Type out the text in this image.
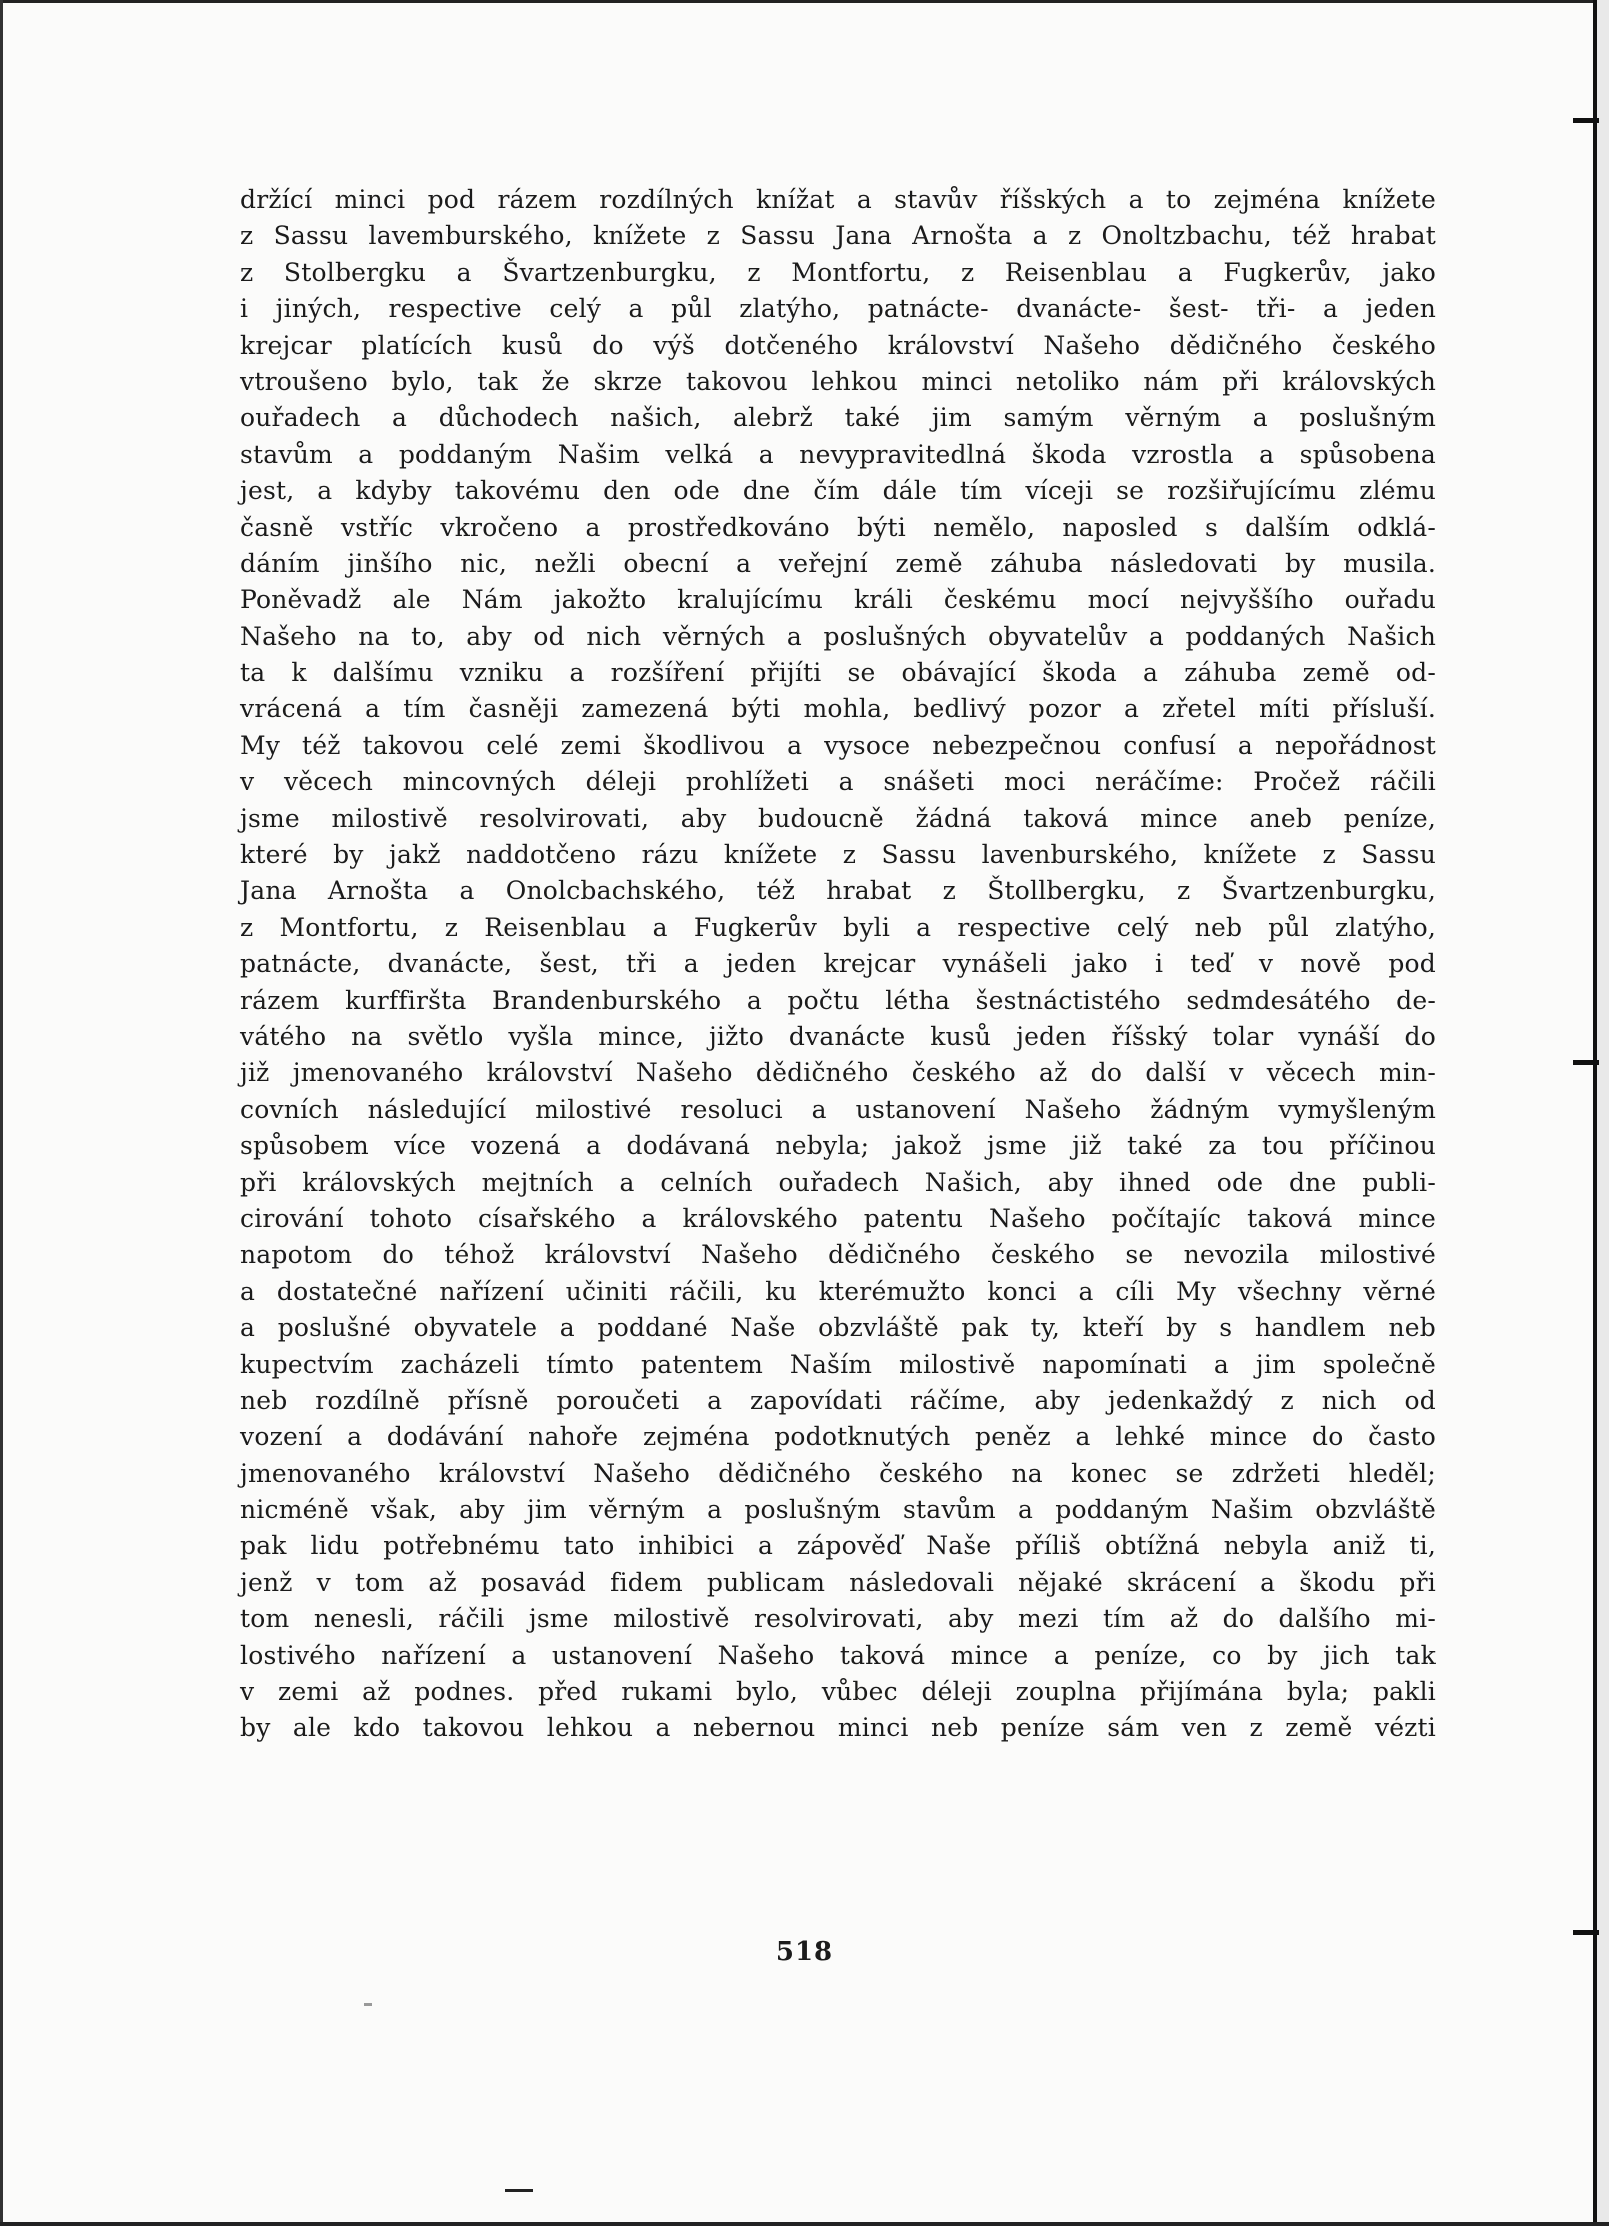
držící minci pod rázem rozdílných knížat a stavův říšských a to zejména knížete
z Sassu lavemburského, knížete z Sassu Jana Arnošta a z Onoltzbachu, též hrabat
z Stolbergku a Švartzenburgku, z Montfortu, z Reisenblau a Fugkerův, jako
i jiných, respective celý a půl zlatýho, patnácte- dvanácte- šest- tři- a jeden
krejcar platících kusů do výš dotčeného království Našeho dědičného českého
vtroušeno bylo, tak že skrze takovou lehkou minci netoliko nám při královských
ouřadech a důchodech našich, alebrž také jim samým věrným a poslušným
stavům a poddaným Našim velká a nevypravitedlná škoda vzrostla a spůsobena
jest, a kdyby takovému den ode dne čím dále tím víceji se rozšiřujícímu zlému
časně vstříc vkročeno a prostředkováno býti nemělo, naposled s dalším odklá-
dáním jinšího nic, nežli obecní a veřejní země záhuba následovati by musila.
Poněvadž ale Nám jakožto kralujícímu králi českému mocí nejvyššího ouřadu
Našeho na to, aby od nich věrných a poslušných obyvatelův a poddaných Našich
ta k dalšímu vzniku a rozšíření přijíti se obávající škoda a záhuba země od-
vrácená a tím časněji zamezená býti mohla, bedlivý pozor a zřetel míti přísluší.
My též takovou celé zemi škodlivou a vysoce nebezpečnou confusí a nepořádnost
v věcech mincovných déleji prohlížeti a snášeti moci neráčíme: Pročež ráčili
jsme milostivě resolvirovati, aby budoucně žádná taková mince aneb peníze,
které by jakž naddotčeno rázu knížete z Sassu lavenburského, knížete z Sassu
Jana Arnošta a Onolcbachského, též hrabat z Štollbergku, z Švartzenburgku,
z Montfortu, z Reisenblau a Fugkerův byli a respective celý neb půl zlatýho,
patnácte, dvanácte, šest, tři a jeden krejcar vynášeli jako i teď v nově pod
rázem kurffiršta Brandenburského a počtu létha šestnáctistého sedmdesátého de-
vátého na světlo vyšla mince, jižto dvanácte kusů jeden říšský tolar vynáší do
již jmenovaného království Našeho dědičného českého až do další v věcech min-
covních následující milostivé resoluci a ustanovení Našeho žádným vymyšleným
spůsobem více vozená a dodávaná nebyla; jakož jsme již také za tou příčinou
při královských mejtních a celních ouřadech Našich, aby ihned ode dne publi-
cirování tohoto císařského a královského patentu Našeho počítajíc taková mince
napotom do téhož království Našeho dědičného českého se nevozila milostivé
a dostatečné nařízení učiniti ráčili, ku kterémužto konci a cíli My všechny věrné
a poslušné obyvatele a poddané Naše obzvláště pak ty, kteří by s handlem neb
kupectvím zacházeli tímto patentem Naším milostivě napomínati a jim společně
neb rozdílně přísně poroučeti a zapovídati ráčíme, aby jedenkaždý z nich od
vození a dodávání nahoře zejména podotknutých peněz a lehké mince do často
jmenovaného království Našeho dědičného českého na konec se zdržeti hleděl;
nicméně však, aby jim věrným a poslušným stavům a poddaným Našim obzvláště
pak lidu potřebnému tato inhibici a zápověď Naše příliš obtížná nebyla aniž ti,
jenž v tom až posavád fidem publicam následovali nějaké skrácení a škodu při
tom nenesli, ráčili jsme milostivě resolvirovati, aby mezi tím až do dalšího mi-
lostivého nařízení a ustanovení Našeho taková mince a peníze, co by jich tak
v zemi až podnes. před rukami bylo, vůbec déleji zouplna přijímána byla; pakli
by ale kdo takovou lehkou a nebernou minci neb peníze sám ven z země vézti
518
